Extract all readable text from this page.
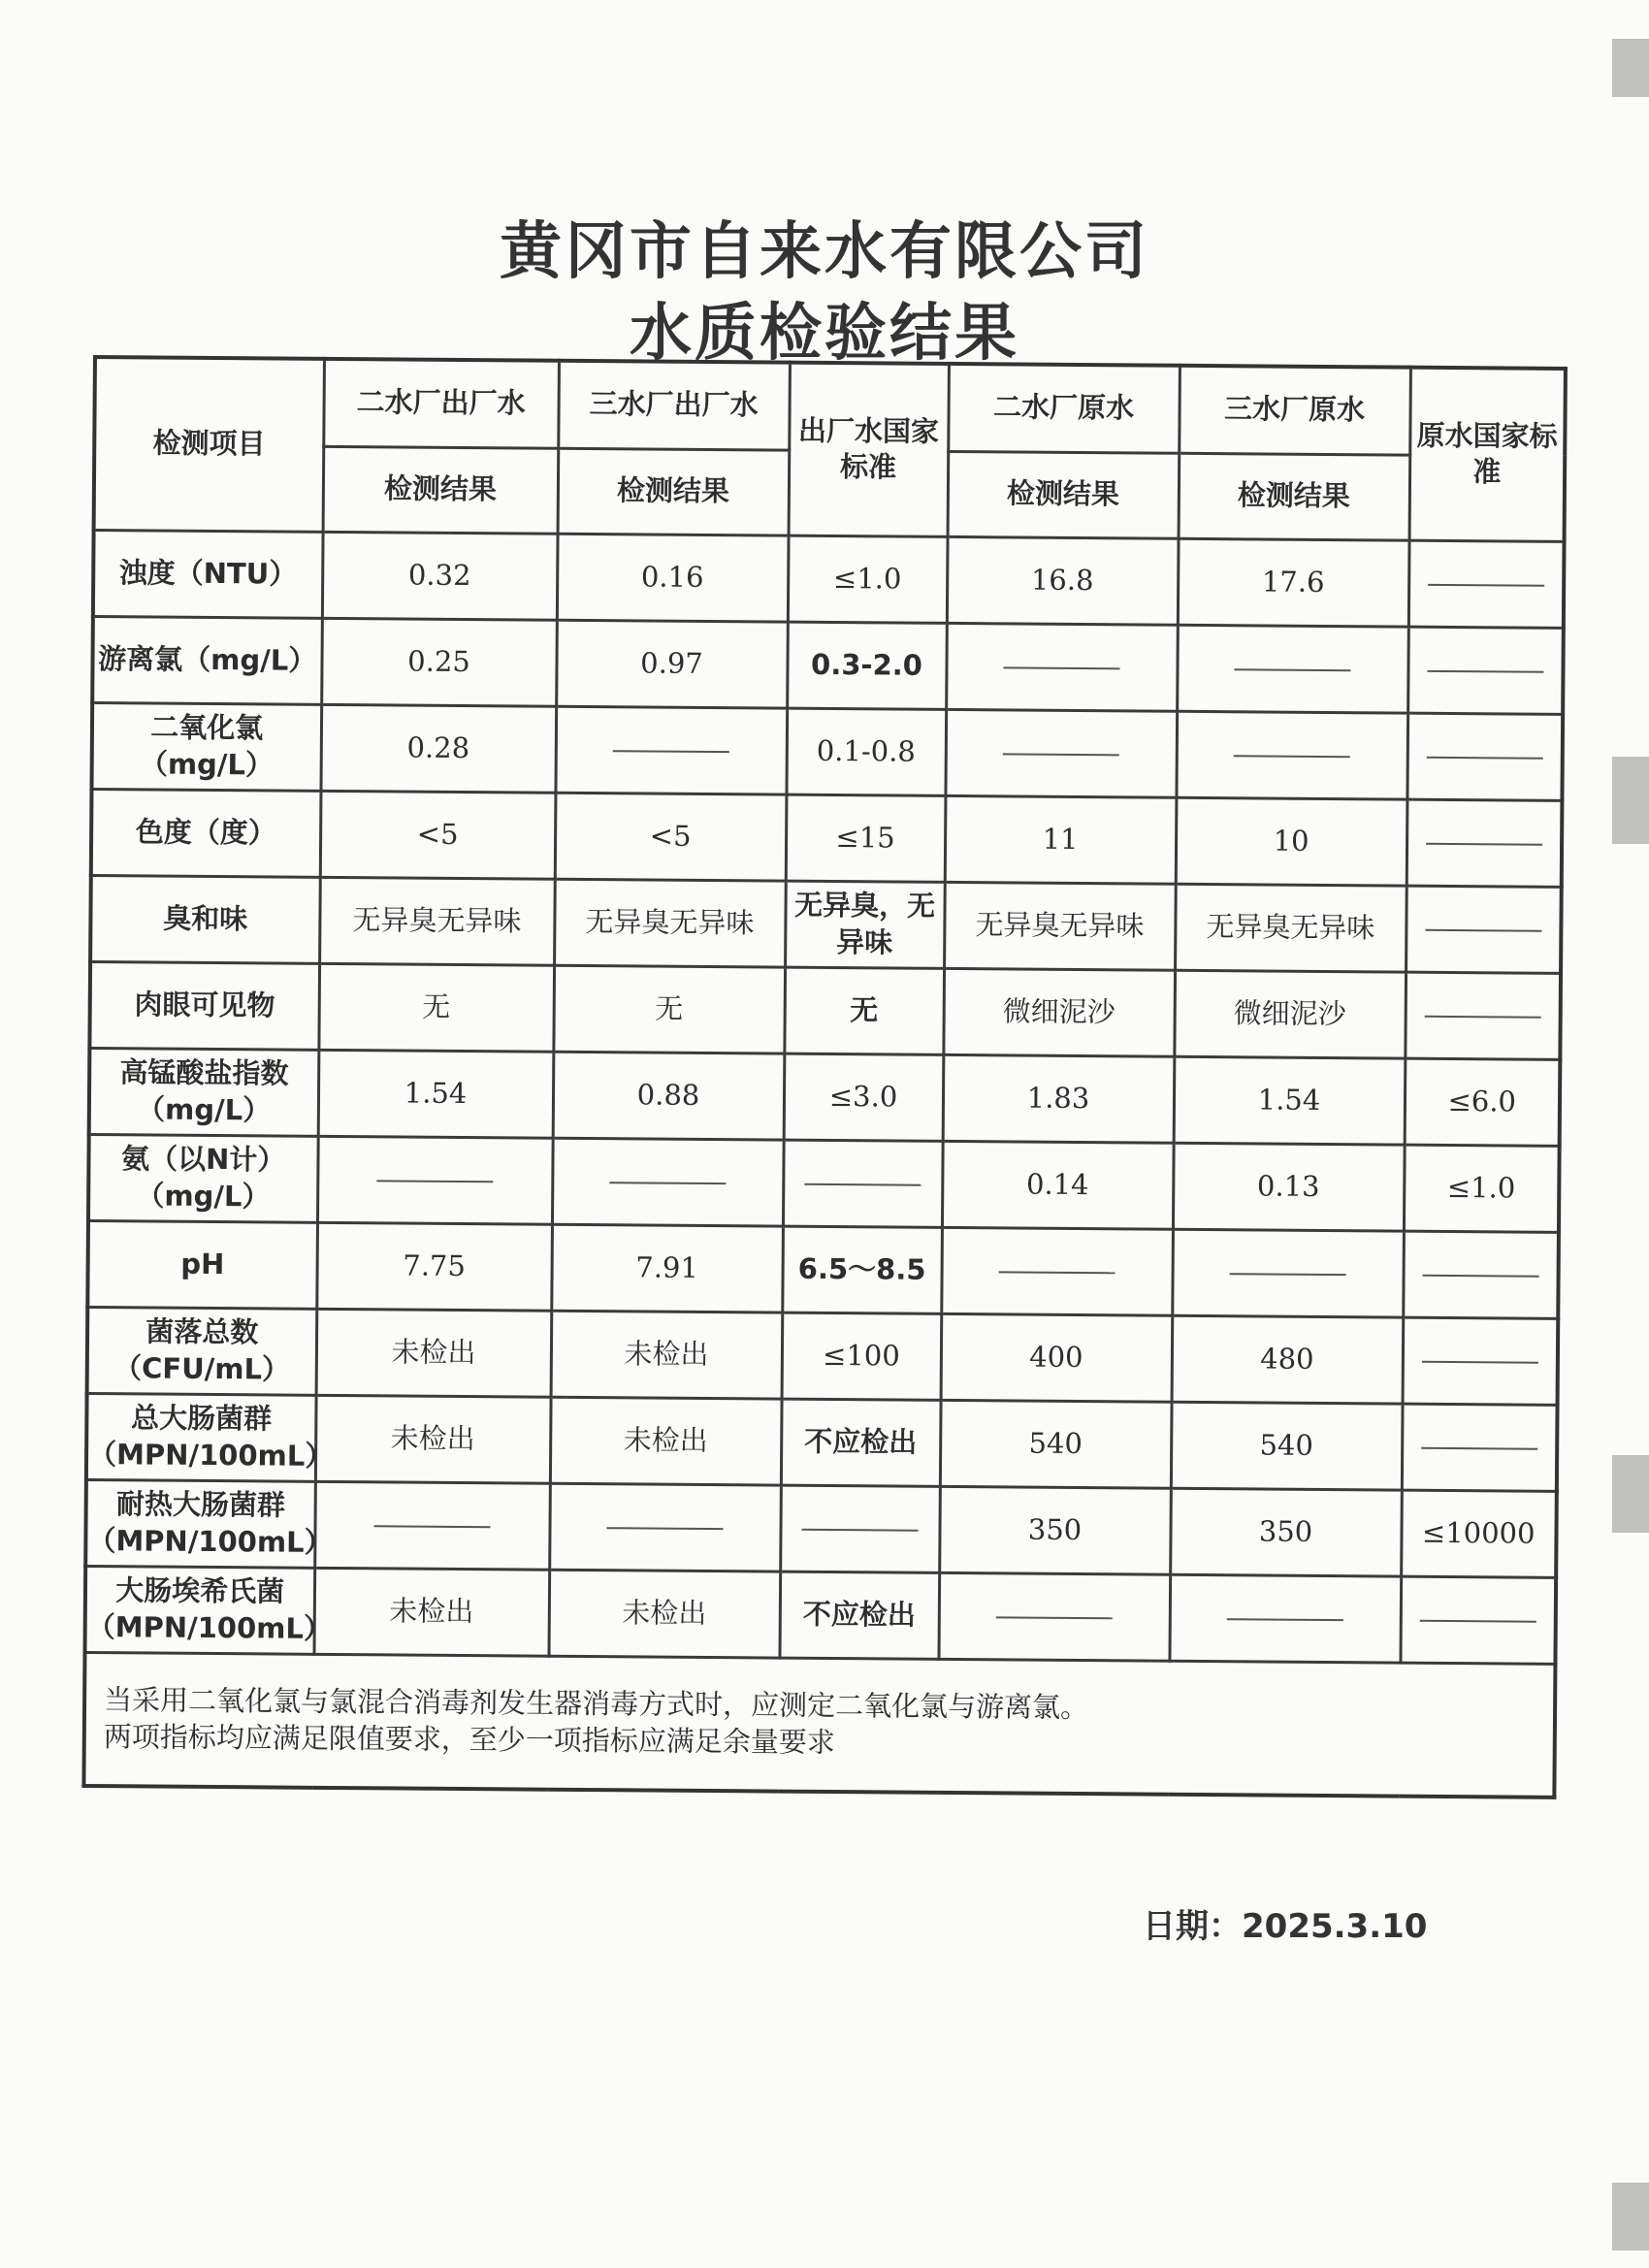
黄冈市自来水有限公司
水质检验结果
检测项目	二水厂出厂水	三水厂出厂水	出厂水国家标准	二水厂原水	三水厂原水	原水国家标准
	检测结果	检测结果		检测结果	检测结果	
浊度（NTU）	0.32	0.16	≤1.0	16.8	17.6	
游离氯（mg/L）	0.25	0.97	0.3-2.0			
二氧化氯（mg/L）	0.28		0.1-0.8			
色度（度）	<5	<5	≤15	11	10	
臭和味	无异臭无异味	无异臭无异味	无异臭，无异味	无异臭无异味	无异臭无异味	
肉眼可见物	无	无	无	微细泥沙	微细泥沙	
高锰酸盐指数（mg/L）	1.54	0.88	≤3.0	1.83	1.54	≤6.0
氨（以N计）（mg/L）				0.14	0.13	≤1.0
pH	7.75	7.91	6.5～8.5			
菌落总数（CFU/mL）	未检出	未检出	≤100	400	480	
总大肠菌群（MPN/100mL）	未检出	未检出	不应检出	540	540	
耐热大肠菌群（MPN/100mL）				350	350	≤10000
大肠埃希氏菌（MPN/100mL）	未检出	未检出	不应检出			

当采用二氧化氯与氯混合消毒剂发生器消毒方式时，应测定二氧化氯与游离氯。
两项指标均应满足限值要求，至少一项指标应满足余量要求						
日期：2025.3.10
